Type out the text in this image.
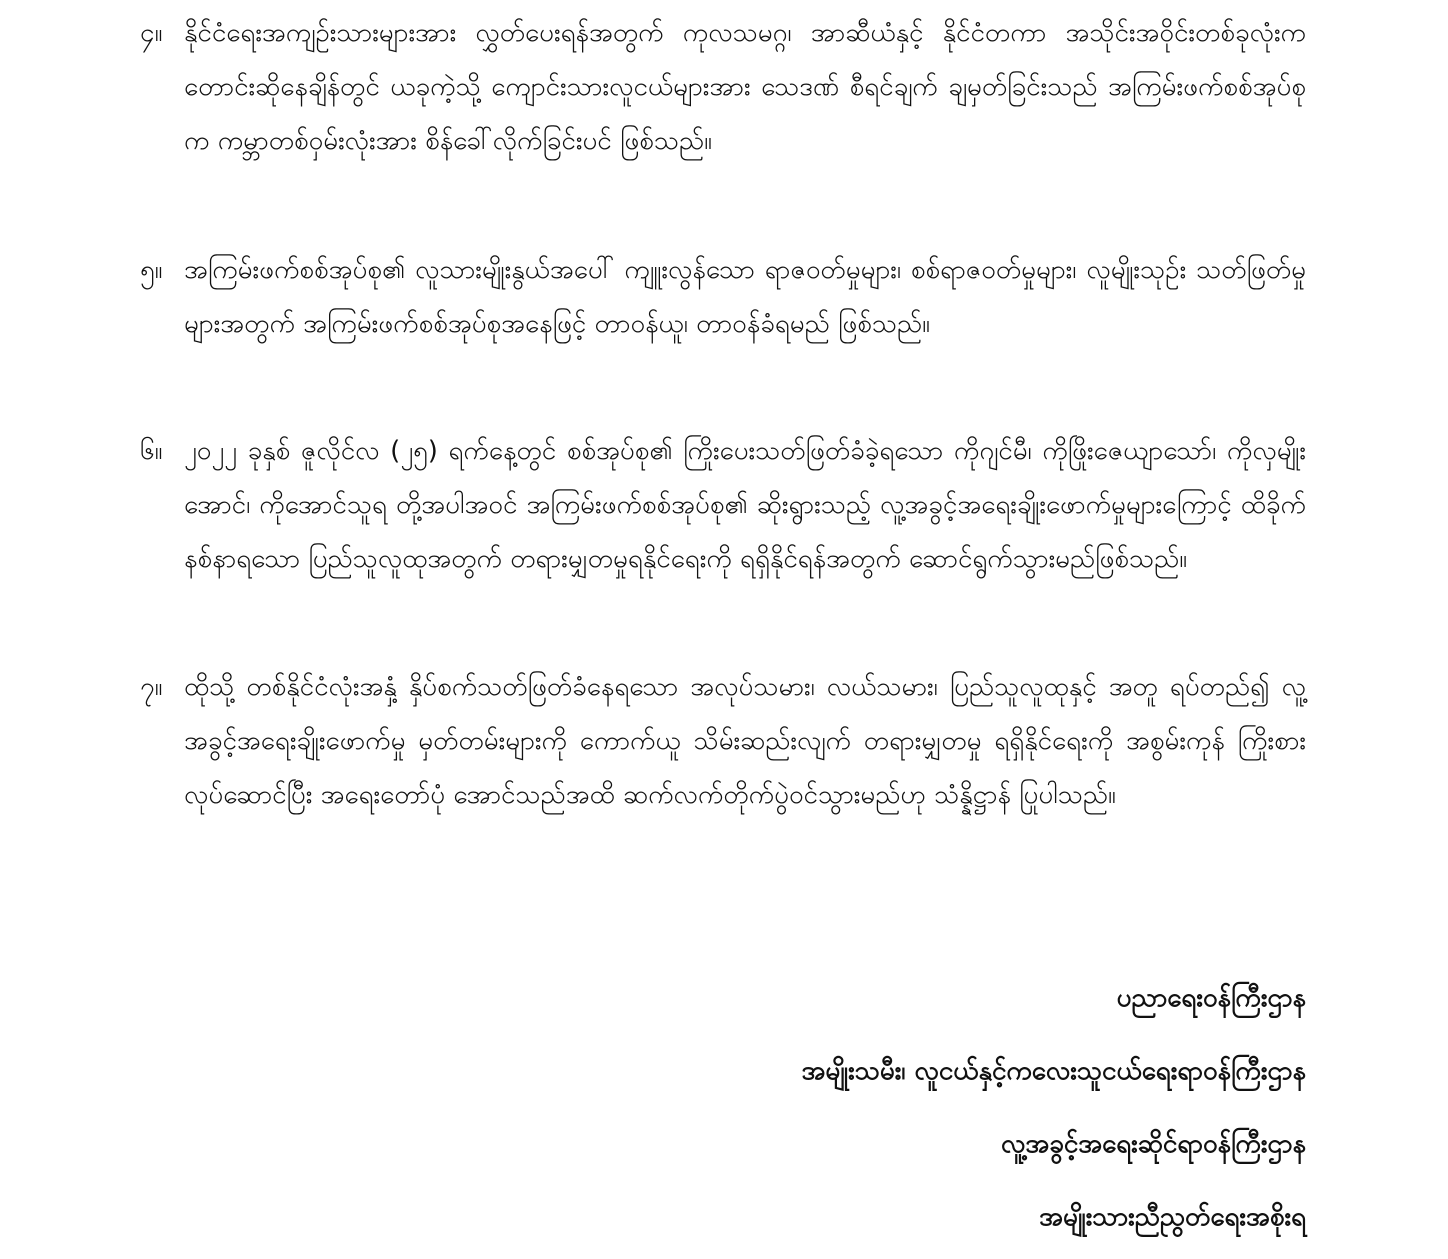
၄။ နိုင်ငံရေးအကျဉ်းသားများအား လွှတ်ပေးရန်အတွက် ကုလသမဂ္ဂ၊ အာဆီယံနှင့် နိုင်ငံတကာ အသိုင်းအဝိုင်းတစ်ခုလုံးက တောင်းဆိုနေချိန်တွင် ယခုကဲ့သို့ ကျောင်းသားလူငယ်များအား သေဒဏ် စီရင်ချက် ချမှတ်ခြင်းသည် အကြမ်းဖက်စစ်အုပ်စုက ကမ္ဘာတစ်ဝှမ်းလုံးအား စိန်ခေါ်လိုက်ခြင်းပင် ဖြစ်သည်။
၅။ အကြမ်းဖက်စစ်အုပ်စု၏ လူသားမျိုးနွယ်အပေါ် ကျူးလွန်သော ရာဇဝတ်မှုများ၊ စစ်ရာဇဝတ်မှုများ၊ လူမျိုးသုဉ်း သတ်ဖြတ်မှုများအတွက် အကြမ်းဖက်စစ်အုပ်စုအနေဖြင့် တာဝန်ယူ၊ တာဝန်ခံရမည် ဖြစ်သည်။
၆။ ၂၀၂၂ ခုနှစ် ဇူလိုင်လ (၂၅) ရက်နေ့တွင် စစ်အုပ်စု၏ ကြိုးပေးသတ်ဖြတ်ခံခဲ့ရသော ကိုဂျင်မီ၊ ကိုဖြိုးဇေယျာသော်၊ ကိုလှမျိုးအောင်၊ ကိုအောင်သူရ တို့အပါအဝင် အကြမ်းဖက်စစ်အုပ်စု၏ ဆိုးရွားသည့် လူ့အခွင့်အရေးချိုးဖောက်မှုများကြောင့် ထိခိုက်နစ်နာရသော ပြည်သူလူထုအတွက် တရားမျှတမှုရနိုင်ရေးကို ရရှိနိုင်ရန်အတွက် ဆောင်ရွက်သွားမည်ဖြစ်သည်။
၇။ ထိုသို့ တစ်နိုင်ငံလုံးအနှံ့ နှိပ်စက်သတ်ဖြတ်ခံနေရသော အလုပ်သမား၊ လယ်သမား၊ ပြည်သူလူထုနှင့် အတူ ရပ်တည်၍ လူ့အခွင့်အရေးချိုးဖောက်မှု မှတ်တမ်းများကို ကောက်ယူ သိမ်းဆည်းလျက် တရားမျှတမှု ရရှိနိုင်ရေးကို အစွမ်းကုန် ကြိုးစား လုပ်ဆောင်ပြီး အရေးတော်ပုံ အောင်သည်အထိ ဆက်လက်တိုက်ပွဲဝင်သွားမည်ဟု သံန္နိဋ္ဌာန် ပြုပါသည်။
ပညာရေးဝန်ကြီးဌာန
အမျိုးသမီး၊ လူငယ်နှင့်ကလေးသူငယ်ရေးရာဝန်ကြီးဌာန
လူ့အခွင့်အရေးဆိုင်ရာဝန်ကြီးဌာန
အမျိုးသားညီညွတ်ရေးအစိုးရ
